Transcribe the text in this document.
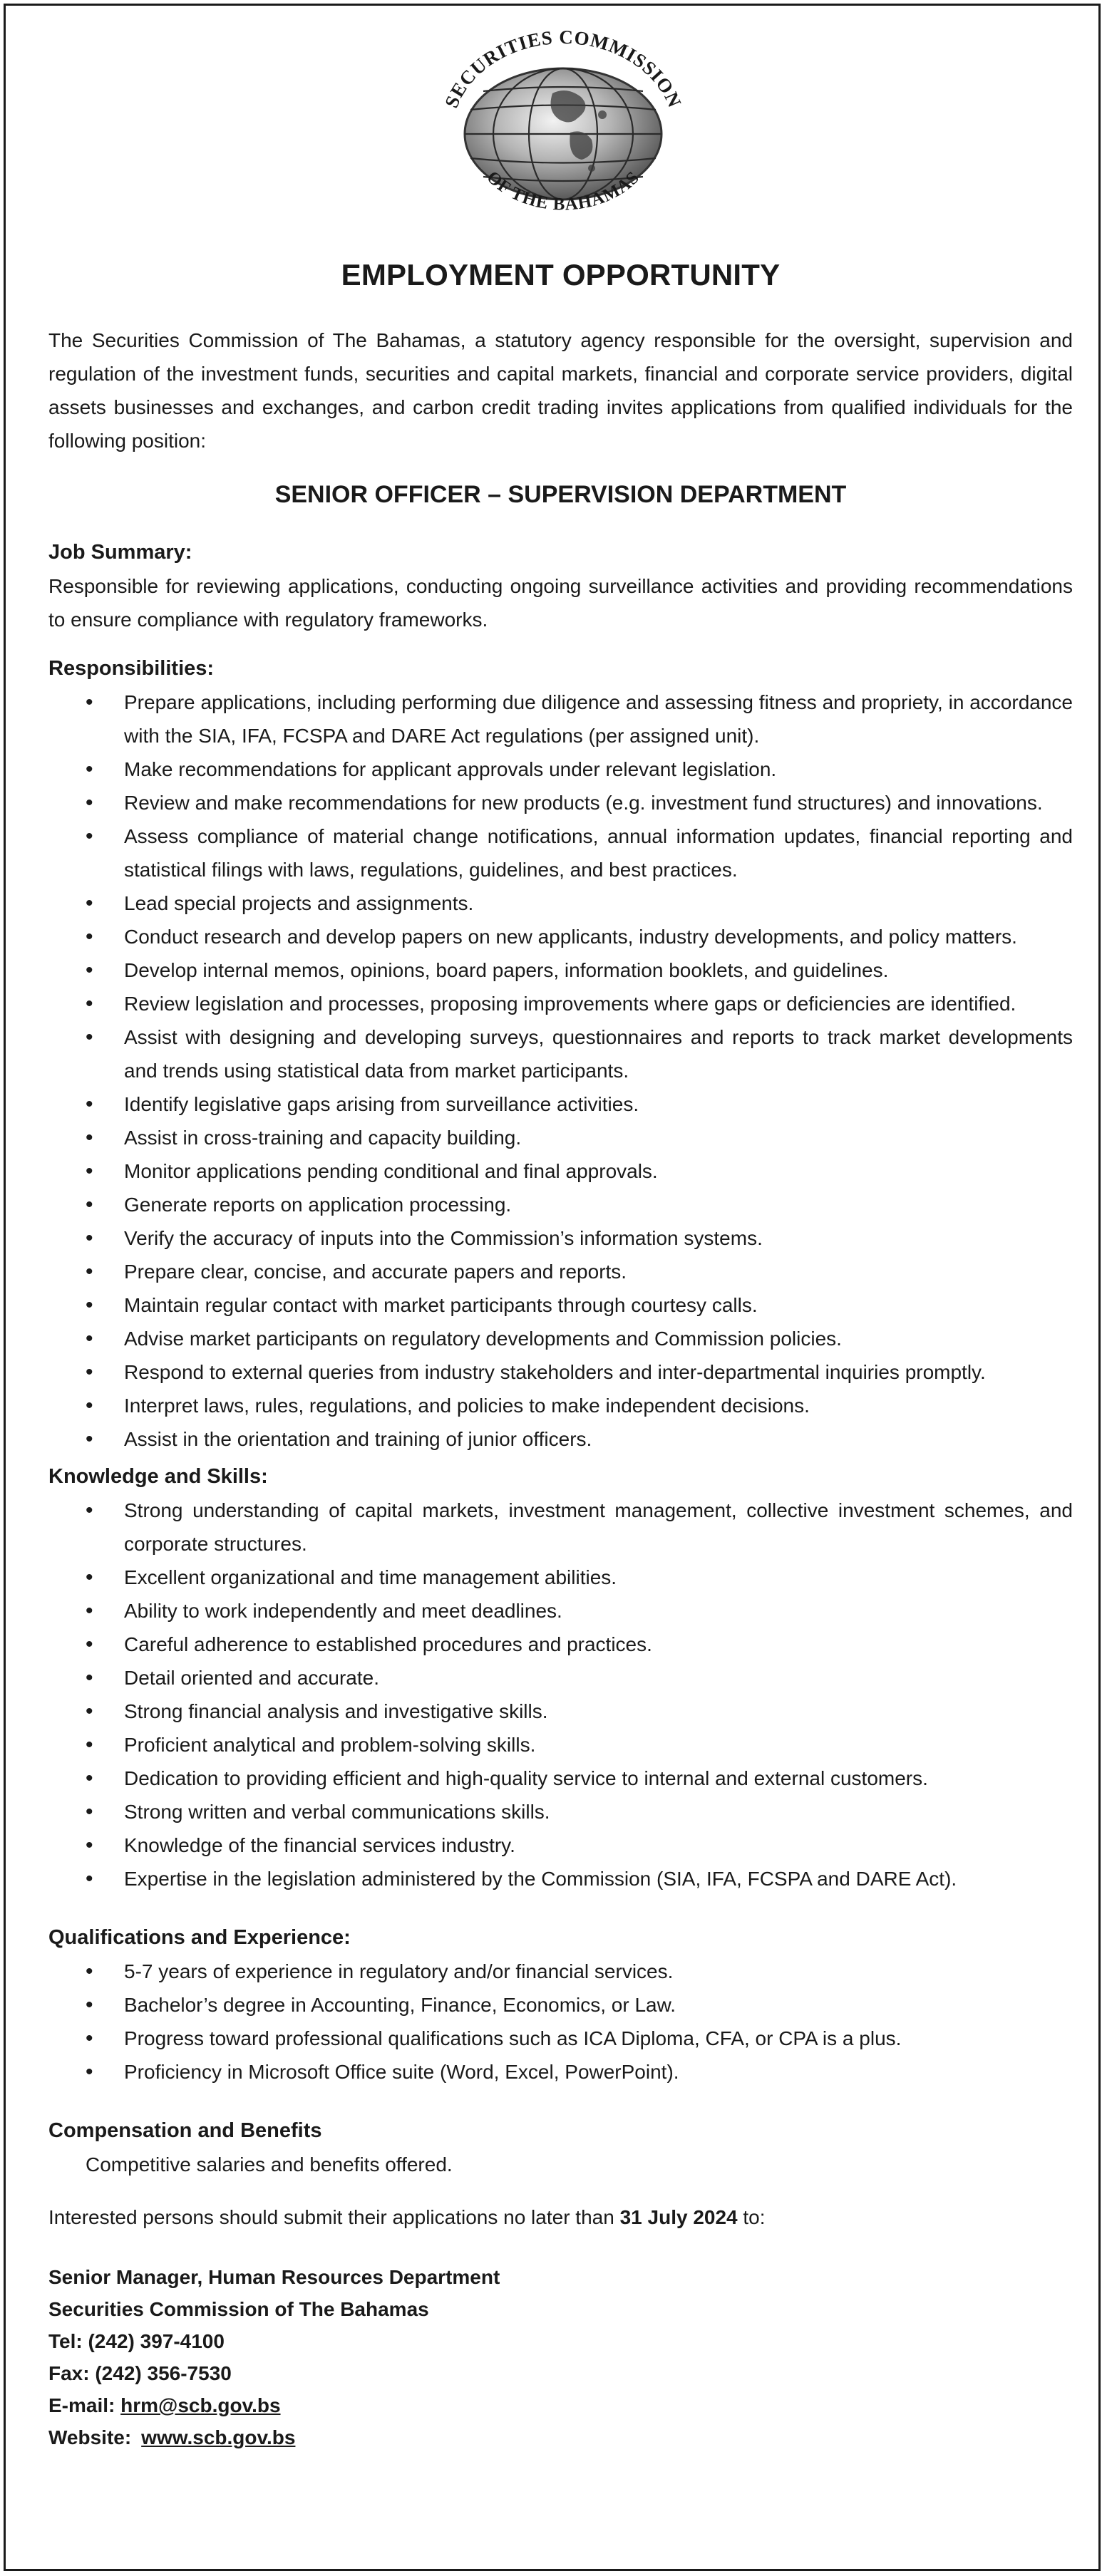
SECURITIES COMMISSION
OF THE BAHAMAS
EMPLOYMENT OPPORTUNITY

The Securities Commission of The Bahamas, a statutory agency responsible for the oversight, supervision and regulation of the investment funds, securities and capital markets, financial and corporate service providers, digital assets businesses and exchanges, and carbon credit trading invites applications from qualified individuals for the following position:

SENIOR OFFICER – SUPERVISION DEPARTMENT
Job Summary:

Responsible for reviewing applications, conducting ongoing surveillance activities and providing recommendations to ensure compliance with regulatory frameworks.

Responsibilities:
• Prepare applications, including performing due diligence and assessing fitness and propriety, in accordance with the SIA, IFA, FCSPA and DARE Act regulations (per assigned unit).
• Make recommendations for applicant approvals under relevant legislation.
• Review and make recommendations for new products (e.g. investment fund structures) and innovations.
• Assess compliance of material change notifications, annual information updates, financial reporting and statistical filings with laws, regulations, guidelines, and best practices.
• Lead special projects and assignments.
• Conduct research and develop papers on new applicants, industry developments, and policy matters.
• Develop internal memos, opinions, board papers, information booklets, and guidelines.
• Review legislation and processes, proposing improvements where gaps or deficiencies are identified.
• Assist with designing and developing surveys, questionnaires and reports to track market developments and trends using statistical data from market participants.
• Identify legislative gaps arising from surveillance activities.
• Assist in cross-training and capacity building.
• Monitor applications pending conditional and final approvals.
• Generate reports on application processing.
• Verify the accuracy of inputs into the Commission’s information systems.
• Prepare clear, concise, and accurate papers and reports.
• Maintain regular contact with market participants through courtesy calls.
• Advise market participants on regulatory developments and Commission policies.
• Respond to external queries from industry stakeholders and inter-departmental inquiries promptly.
• Interpret laws, rules, regulations, and policies to make independent decisions.
• Assist in the orientation and training of junior officers.
Knowledge and Skills:
• Strong understanding of capital markets, investment management, collective investment schemes, and corporate structures.
• Excellent organizational and time management abilities.
• Ability to work independently and meet deadlines.
• Careful adherence to established procedures and practices.
• Detail oriented and accurate.
• Strong financial analysis and investigative skills.
• Proficient analytical and problem-solving skills.
• Dedication to providing efficient and high-quality service to internal and external customers.
• Strong written and verbal communications skills.
• Knowledge of the financial services industry.
• Expertise in the legislation administered by the Commission (SIA, IFA, FCSPA and DARE Act).
Qualifications and Experience:
• 5-7 years of experience in regulatory and/or financial services.
• Bachelor’s degree in Accounting, Finance, Economics, or Law.
• Progress toward professional qualifications such as ICA Diploma, CFA, or CPA is a plus.
• Proficiency in Microsoft Office suite (Word, Excel, PowerPoint).
Compensation and Benefits

Competitive salaries and benefits offered.

Interested persons should submit their applications no later than 31 July 2024 to:

Senior Manager, Human Resources Department
Securities Commission of The Bahamas
Tel: (242) 397-4100
Fax: (242) 356-7530
E-mail: hrm@scb.gov.bs
Website: www.scb.gov.bs
